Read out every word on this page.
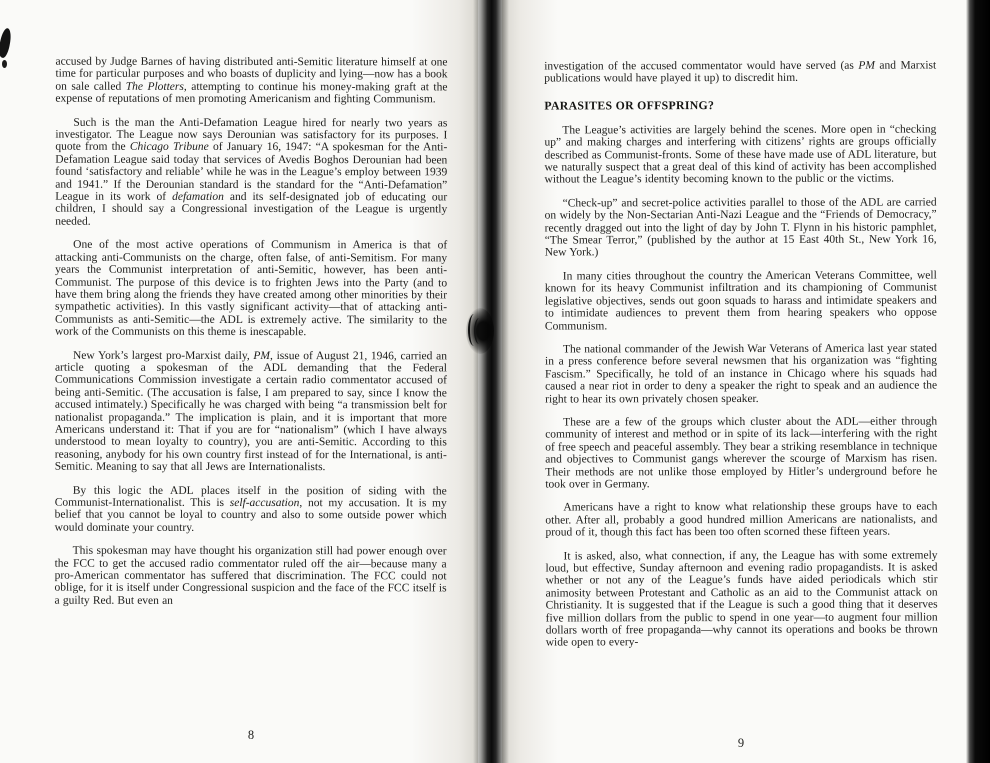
accused by Judge Barnes of having distributed anti-Semitic literature himself at one time for particular purposes and who boasts of duplicity and lying—now has a book on sale called The Plotters, attempting to continue his money-making graft at the expense of reputations of men promoting Americanism and fighting Communism.

Such is the man the Anti-Defamation League hired for nearly two years as investigator. The League now says Derounian was satisfactory for its purposes. I quote from the Chicago Tribune of January 16, 1947: “A spokesman for the Anti-Defamation League said today that services of Avedis Boghos Derounian had been found ‘satisfactory and reliable’ while he was in the League’s employ between 1939 and 1941.” If the Derounian standard is the standard for the “Anti-Defamation” League in its work of defamation and its self-designated job of educating our children, I should say a Congressional investigation of the League is urgently needed.

One of the most active operations of Communism in America is that of attacking anti-Communists on the charge, often false, of anti-Semitism. For many years the Communist interpretation of anti-Semitic, however, has been anti-Communist. The purpose of this device is to frighten Jews into the Party (and to have them bring along the friends they have created among other minorities by their sympathetic activities). In this vastly significant activity—that of attacking anti-Communists as anti-Semitic—the ADL is extremely active. The similarity to the work of the Communists on this theme is inescapable.

New York’s largest pro-Marxist daily, PM, issue of August 21, 1946, carried an article quoting a spokesman of the ADL demanding that the Federal Communications Commission investigate a certain radio commentator accused of being anti-Semitic. (The accusation is false, I am prepared to say, since I know the accused intimately.) Specifically he was charged with being “a transmission belt for nationalist propaganda.” The implication is plain, and it is important that more Americans understand it: That if you are for “nationalism” (which I have always understood to mean loyalty to country), you are anti-Semitic. According to this reasoning, anybody for his own country first instead of for the International, is anti-Semitic. Meaning to say that all Jews are Internationalists.

By this logic the ADL places itself in the position of siding with the Communist-Internationalist. This is self-accusation, not my accusation. It is my belief that you cannot be loyal to country and also to some outside power which would dominate your country.

This spokesman may have thought his organization still had power enough over the FCC to get the accused radio commentator ruled off the air—because many a pro-American commentator has suffered that discrimination. The FCC could not oblige, for it is itself under Congressional suspicion and the face of the FCC itself is a guilty Red. But even an

8

investigation of the accused commentator would have served (as PM and Marxist publications would have played it up) to discredit him.

PARASITES OR OFFSPRING?

The League’s activities are largely behind the scenes. More open in “checking up” and making charges and interfering with citizens’ rights are groups officially described as Communist-fronts. Some of these have made use of ADL literature, but we naturally suspect that a great deal of this kind of activity has been accomplished without the League’s identity becoming known to the public or the victims.

“Check-up” and secret-police activities parallel to those of the ADL are carried on widely by the Non-Sectarian Anti-Nazi League and the “Friends of Democracy,” recently dragged out into the light of day by John T. Flynn in his historic pamphlet, “The Smear Terror,” (published by the author at 15 East 40th St., New York 16, New York.)

In many cities throughout the country the American Veterans Committee, well known for its heavy Communist infiltration and its championing of Communist legislative objectives, sends out goon squads to harass and intimidate speakers and to intimidate audiences to prevent them from hearing speakers who oppose Communism.

The national commander of the Jewish War Veterans of America last year stated in a press conference before several newsmen that his organization was “fighting Fascism.” Specifically, he told of an instance in Chicago where his squads had caused a near riot in order to deny a speaker the right to speak and an audience the right to hear its own privately chosen speaker.

These are a few of the groups which cluster about the ADL—either through community of interest and method or in spite of its lack—interfering with the right of free speech and peaceful assembly. They bear a striking resemblance in technique and objectives to Communist gangs wherever the scourge of Marxism has risen. Their methods are not unlike those employed by Hitler’s underground before he took over in Germany.

Americans have a right to know what relationship these groups have to each other. After all, probably a good hundred million Americans are nationalists, and proud of it, though this fact has been too often scorned these fifteen years.

It is asked, also, what connection, if any, the League has with some extremely loud, but effective, Sunday afternoon and evening radio propagandists. It is asked whether or not any of the League’s funds have aided periodicals which stir animosity between Protestant and Catholic as an aid to the Communist attack on Christianity. It is suggested that if the League is such a good thing that it deserves five million dollars from the public to spend in one year—to augment four million dollars worth of free propaganda—why cannot its operations and books be thrown wide open to every-

9
